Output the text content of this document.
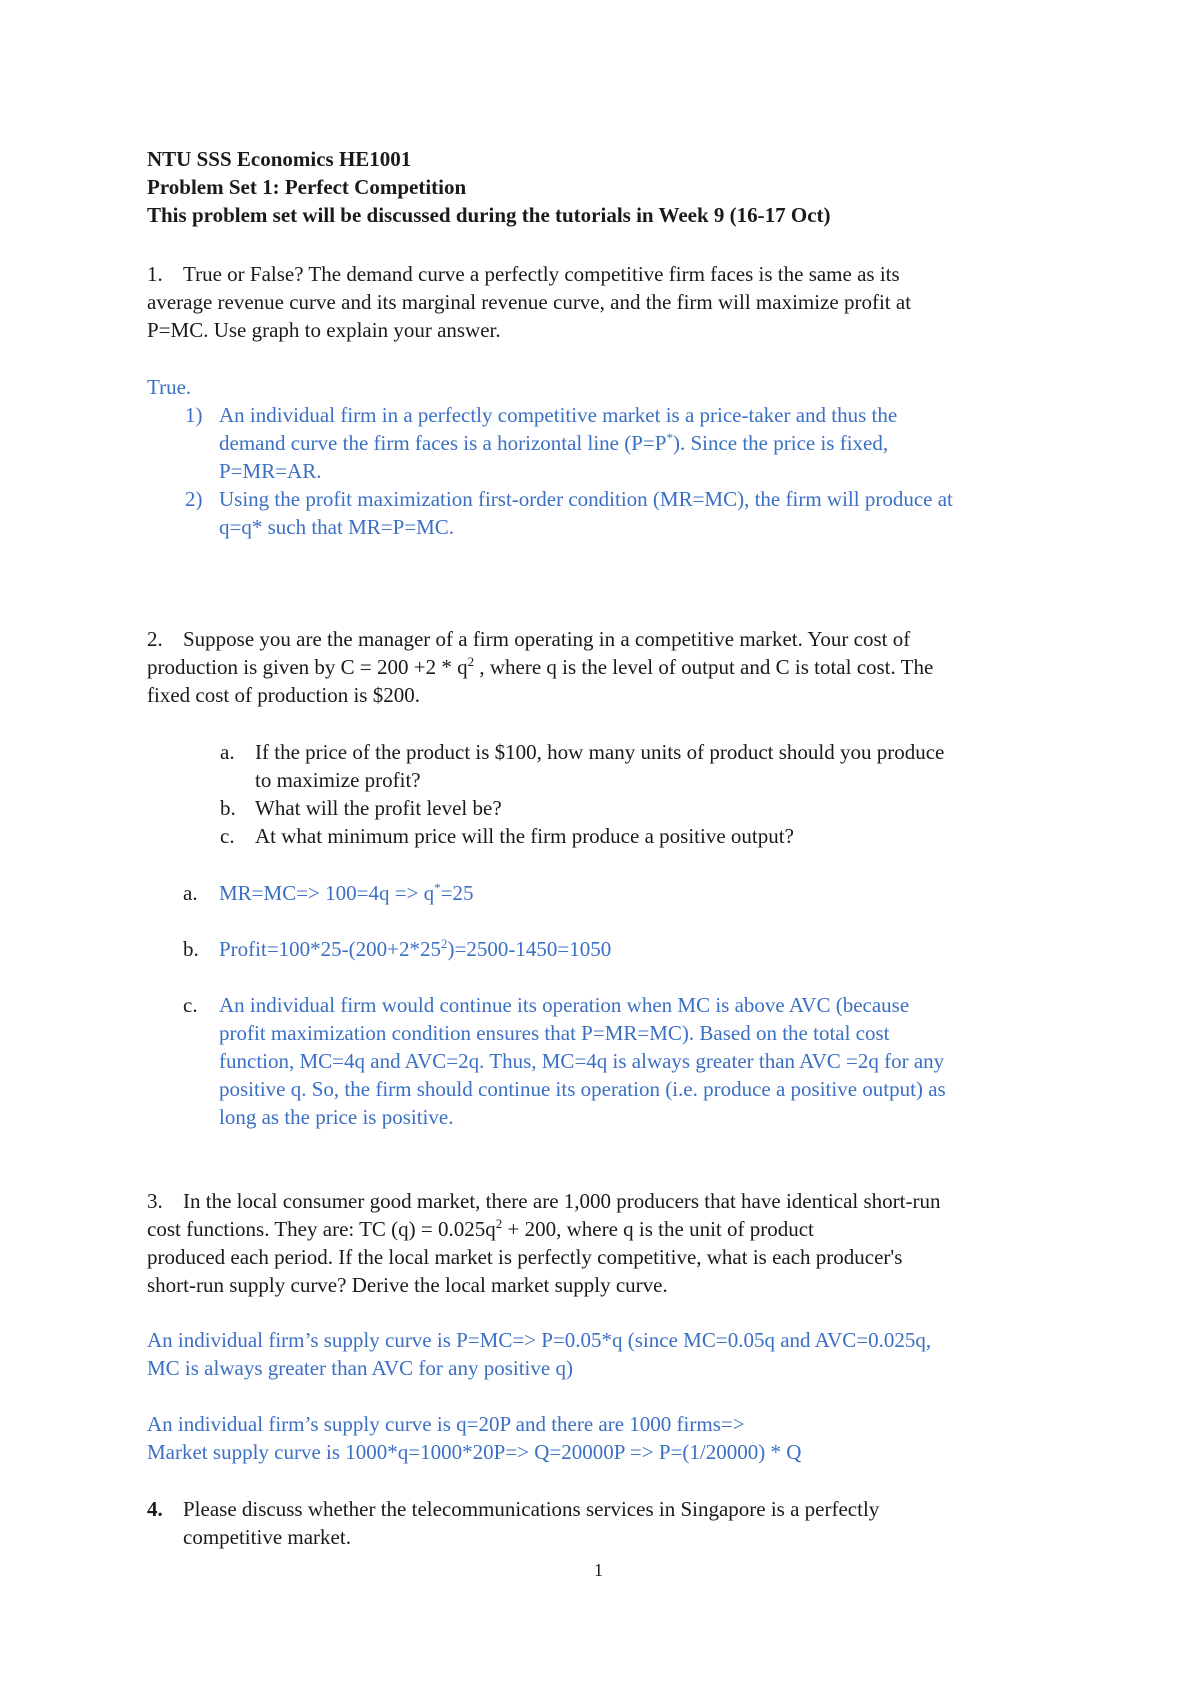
NTU SSS Economics HE1001
Problem Set 1: Perfect Competition
This problem set will be discussed during the tutorials in Week 9 (16-17 Oct)
1. True or False? The demand curve a perfectly competitive firm faces is the same as its
average revenue curve and its marginal revenue curve, and the firm will maximize profit at
P=MC. Use graph to explain your answer.
True.
1) An individual firm in a perfectly competitive market is a price-taker and thus the
demand curve the firm faces is a horizontal line (P=P*). Since the price is fixed,
P=MR=AR.
2) Using the profit maximization first-order condition (MR=MC), the firm will produce at
q=q* such that MR=P=MC.
2. Suppose you are the manager of a firm operating in a competitive market. Your cost of
production is given by $C = 200 +2 * q^2$ , where q is the level of output and C is total cost. The
fixed cost of production is $200.
a. If the price of the product is $100, how many units of product should you produce
to maximize profit?
b. What will the profit level be?
c. At what minimum price will the firm produce a positive output?
a. MR=MC=> 100=4q => q*=25
b. $Profit=100*25-(200+2*25^2)=2500-1450=1050$
c. An individual firm would continue its operation when MC is above AVC (because
profit maximization condition ensures that P=MR=MC). Based on the total cost
function, MC=4q and AVC=2q. Thus, MC=4q is always greater than AVC =2q for any
positive q. So, the firm should continue its operation (i.e. produce a positive output) as
long as the price is positive.
3. In the local consumer good market, there are 1,000 producers that have identical short-run
cost functions. They are: TC $(q) = 0.025q^2 + 200$, where q is the unit of product
produced each period. If the local market is perfectly competitive, what is each producer's
short-run supply curve? Derive the local market supply curve.
An individual firm’s supply curve is P=MC=> P=0.05*q (since MC=0.05q and AVC=0.025q,
MC is always greater than AVC for any positive q)
An individual firm’s supply curve is q=20P and there are 1000 firms=>
Market supply curve is 1000*q=1000*20P=> Q=20000P => P=(1/20000) * Q
4. Please discuss whether the telecommunications services in Singapore is a perfectly
competitive market.
1
